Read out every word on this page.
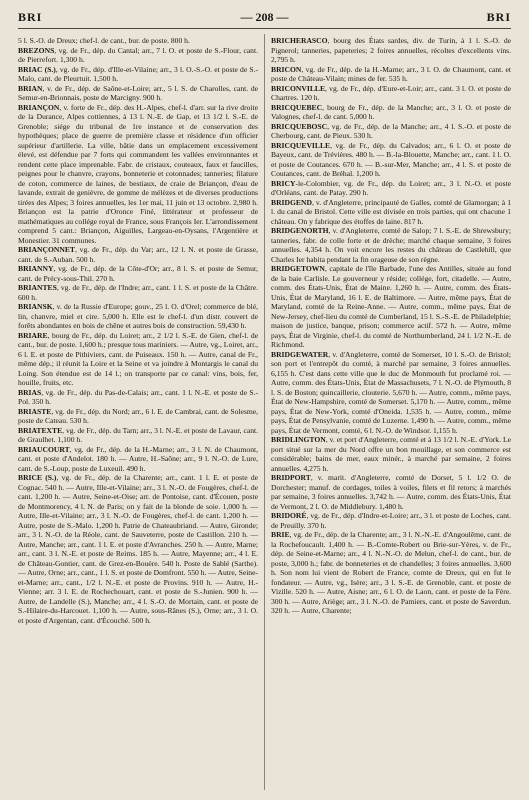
BRI	— 208 —	BRI

5 l. S.-O. de Dreux; chef-l. de cant., bur. de poste. 800 h.

BREZONS, vg. de Fr., dép. du Cantal; arr., 7 l. O. et poste de S.-Flour, cant. de Pierrefort. 1,300 h.

BRIAC (S.), vg. de Fr., dép. d'Ille-et-Vilaine; arr., 3 l. O.-S.-O. et poste de S.-Malo, cant. de Pleurtuit. 1,500 h.

BRIAN, v. de Fr., dép. de Saône-et-Loire; arr., 5 l. S. de Charolles, cant. de Semur-en-Brionnais, poste de Marcigny. 900 h.

BRIANÇON, v. forte de Fr., dép. des H.-Alpes, chef-l. d'arr. sur la rive droite de la Durance, Alpes cottiennes, à 13 l. N.-E. de Gap, et 13 1/2 l. S.-E. de Grenoble; siége du tribunal de 1re instance et de conservation des hypothèques; place de guerre de première classe et résidence d'un officier supérieur d'artillerie. La ville, bâtie dans un emplacement excessivement élevé, est défendue par 7 forts qui commandent les vallées environnantes et rendent cette place imprenable. Fabr. de cristaux, couteaux, faux et faucilles, peignes pour le chanvre, crayons, bonneterie et cotonnades; tanneries; filature de coton, commerce de laines, de bestiaux, de craie de Briançon, d'eau de lavande, extrait de genièvre, de gomme de mélèzes et de diverses productions tirées des Alpes; 3 foires annuelles, les 1er mai, 11 juin et 13 octobre. 2,980 h. Briançon est la patrie d'Oronce Finé, littérateur et professeur de mathématiques au collége royal de France, sous François Ier. L'arrondissement comprend 5 cant.: Briançon, Aiguilles, Largeau-en-Oysans, l'Argentière et Monestier. 31 communes.

BRIANÇONNET, vg. de Fr., dép. du Var; arr., 12 l. N. et poste de Grasse, cant. de S.-Auban. 500 h.

BRIANNY, vg. de Fr., dép. de la Côte-d'Or; arr., 8 l. S. et poste de Semur, cant. de Précy-sous-Thil. 270 h.

BRIANTES, vg. de Fr., dép. de l'Indre; arr., cant. 1 l. S. et poste de la Châtre. 600 h.

BRIANSK, v. de la Russie d'Europe; gouv., 25 l. O. d'Orel; commerce de blé, lin, chanvre, miel et cire. 5,000 h. Elle est le chef-l. d'un distr. couvert de forêts abondantes en bois de chêne et autres bois de construction. 59,430 h.

BRIARE, bourg de Fr., dép. du Loiret; arr., 2 1/2 l. S.-E. de Gien, chef-l. de cant., bur. de poste. 1,600 h.; presque tous mariniers. — Autre, vg., Loiret, arr., 6 l. E. et poste de Pithiviers, cant. de Puiseaux. 150 h. — Autre, canal de Fr., même dép.; il réunit la Loire et la Seine et va joindre à Montargis le canal du Loing. Son étendue est de 14 l.; on transporte par ce canal: vins, bois, fer, houille, fruits, etc.

BRIAS, vg. de Fr., dép. du Pas-de-Calais; arr., cant. 1 l. N.-E. et poste de S.-Pol. 350 h.

BRIASTE, vg. de Fr., dép. du Nord; arr., 6 l. E. de Cambrai, cant. de Solesme, poste de Cateau. 530 h.

BRIATEXTE, vg. de Fr., dép. du Tarn; arr., 3 l. N.-E. et poste de Lavaur, cant. de Graulhet. 1,100 h.

BRIAUCOURT, vg. de Fr., dép. de la H.-Marne; arr., 3 l. N. de Chaumont, cant. et poste d'Andelot. 180 h. — Autre, H.-Saône; arr., 9 l. N.-O. de Lure, cant. de S.-Loup, poste de Luxeuil. 490 h.

BRICE (S.), vg. de Fr., dép. de la Charente; arr., cant. 1 l. E. et poste de Cognac. 540 h. — Autre, Ille-et-Vilaine; arr., 3 l. N.-O. de Fougères, chef-l. de cant. 1,200 h. — Autre, Seine-et-Oise; arr. de Pontoise, cant. d'Écouen, poste de Montmorency, 4 l. N. de Paris; on y fait de la blonde de soie. 1,000 h. — Autre, Ille-et-Vilaine; arr., 3 l. N.-O. de Fougères, chef-l. de cant. 1,200 h. — Autre, poste de S.-Malo. 1,200 h. Patrie de Chateaubriand. — Autre, Gironde; arr., 3 l. N.-O. de la Réole, cant. de Sauveterre, poste de Castillon. 210 h. — Autre, Manche; arr., cant. 1 l. E. et poste d'Avranches. 250 h. — Autre, Marne; arr., cant. 3 l. N.-E. et poste de Reims. 185 h. — Autre, Mayenne; arr., 4 l. E. de Château-Gontier, cant. de Grez-en-Bouère. 540 h. Poste de Sablé (Sarthe). — Autre, Orne; arr., cant., 1 l. S. et poste de Domfront. 550 h. — Autre, Seine-et-Marne; arr., cant., 1/2 l. N.-E. et poste de Provins. 910 h. — Autre, H.-Vienne; arr. 3 l. E. de Rochechouart, cant. et poste de S.-Junien. 900 h. — Autre, de Landelle (S.), Manche; arr., 4 l. S.-O. de Mortain, cant. et poste de S.-Hilaire-du-Harcouet. 1,100 h. — Autre, sous-Rânes (S.), Orne; arr., 3 l. O. et poste d'Argentan, cant. d'Écouché. 500 h.

BRICHERASCO, bourg des États sardes, div. de Turin, à 1 l. S.-O. de Pignerol; tanneries, papeteries; 2 foires annuelles, récoltes d'excellents vins. 2,795 h.

BRICON, vg. de Fr., dép. de la H.-Marne; arr., 3 l. O. de Chaumont, cant. et poste de Château-Vilain; mines de fer. 535 h.

BRICONVILLE, vg. de Fr., dép. d'Eure-et-Loir; arr., cant. 3 l. O. et poste de Chartres. 120 h.

BRICQUEBEC, bourg de Fr., dép. de la Manche; arr., 3 l. O. et poste de Valognes, chef-l. de cant. 5,000 h.

BRICQUEBOSC, vg. de Fr., dép. de la Manche; arr., 4 l. S.-O. et poste de Cherbourg, cant. de Pieux. 530 h.

BRICQUEVILLE, vg. de Fr., dép. du Calvados; arr., 6 l. O. et poste de Bayeux, cant. de Trévières. 480 h. — B.-la-Blouette, Manche; arr., cant. 1 l. O. et poste de Coutances. 670 h. — B.-sur-Mer, Manche; arr., 4 l. S. et poste de Coutances, cant. de Bréhal. 1,200 h.

BRICY-le-Colombier, vg. de Fr., dép. du Loiret; arr., 3 l. N.-O. et poste d'Orléans, cant. de Patay. 290 h.

BRIDGEND, v. d'Angleterre, principauté de Galles, comté de Glamorgan; à 1 l. du canal de Bristol. Cette ville est divisée en trois parties, qui ont chacune 1 château. On y fabrique des étoffes de laine. 817 h.

BRIDGENORTH, v. d'Angleterre, comté de Salop; 7 l. S.-E. de Shrewsbury; tanneries, fabr. de colle forte et de drèche; marché chaque semaine, 3 foires annuelles. 4,354 h. On voit encore les restes du château de Castlehill, que Charles Ier habita pendant la fin orageuse de son règne.

BRIDGETOWN, capitale de l'île Barbade, l'une des Antilles, située au fond de la baie Carlisle. Le gouverneur y réside; collége, fort, citadelle. — Autre, comm. des États-Unis, État de Maine. 1,260 h. — Autre, comm. des États-Unis, État de Maryland, 16 l. E. de Baltimore. — Autre, même pays, État de Maryland, comté de la Reine-Anne. — Autre, comm., même pays, État de New-Jersey, chef-lieu du comté de Cumberland, 15 l. S.-S.-E. de Philadelphie; maison de justice, banque, prison; commerce actif. 572 h. — Autre, même pays, État de Virginie, chef-l. du comté de Northumberland, 24 l. 1/2 N.-E. de Richmond.

BRIDGEWATER, v. d'Angleterre, comté de Somerset, 10 l. S.-O. de Bristol; son port et l'entrepôt du comté, à marché par semaine, 3 foires annuelles. 6,155 h. C'est dans cette ville que le duc de Monmouth fut proclamé roi. — Autre, comm. des États-Unis, État de Massachusets, 7 l. N.-O. de Plymouth, 8 l. S. de Boston; quincaillerie, clouterie. 5,670 h. — Autre, comm., même pays, État de New-Hampshire, comté de Somerset. 5,170 h. — Autre, comm., même pays, État de New-York, comté d'Oneida. 1,535 h. — Autre, comm., même pays, État de Pensylvanie, comté de Luzerne. 1,490 h. — Autre, comm., même pays, État de Vermont, comté, 6 l. N.-O. de Windsor. 1,155 h.

BRIDLINGTON, v. et port d'Angleterre, comté et à 13 1/2 l. N.-E. d'York. Le port situé sur la mer du Nord offre un bon mouillage, et son commerce est considérable; bains de mer, eaux minér., à marché par semaine, 2 foires annuelles. 4,275 h.

BRIDPORT, v. marit. d'Angleterre, comté de Dorset, 5 l. 1/2 O. de Dorchester; manuf. de cordages, toiles à voiles, filets et fil retors; à marchés par semaine, 3 foires annuelles. 3,742 h. — Autre, comm. des États-Unis, État de Vermont, 2 l. O. de Middlebury. 1,480 h.

BRIDORÉ, vg. de Fr., dép. d'Indre-et-Loire; arr., 3 l. et poste de Loches, cant. de Preuilly. 370 h.

BRIE, vg. de Fr., dép. de la Charente; arr., 3 l. N.-N.-E. d'Angoulême, cant. de la Rochefoucault. 1,400 h. — B.-Comte-Robert ou Brie-sur-Yères, v. de Fr., dép. de Seine-et-Marne; arr., 4 l. N.-N.-O. de Melun, chef-l. de cant., bur. de poste, 3,000 h.; fabr. de bonneteries et de chandelles; 3 foires annuelles. 3,600 h. Son nom lui vient de Robert de France, comte de Dreux, qui en fut le fondateur. — Autre, vg., Isère; arr., 3 l. S.-E. de Grenoble, cant. et poste de Vizille. 520 h. — Autre, Aisne; arr., 6 l. O. de Laon, cant. et poste de la Fère. 300 h. — Autre, Ariège; arr., 3 l. N.-O. de Pamiers, cant. et poste de Saverdun. 320 h. — Autre, Charente;
